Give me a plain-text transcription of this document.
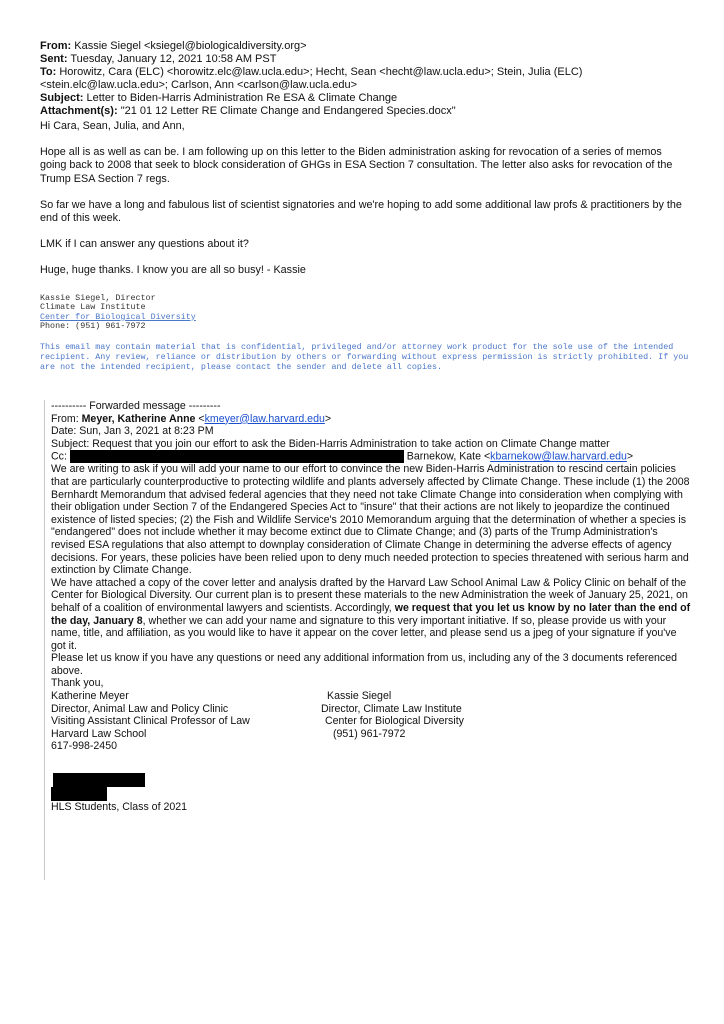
From: Kassie Siegel <ksiegel@biologicaldiversity.org>

Sent: Tuesday, January 12, 2021 10:58 AM PST

To: Horowitz, Cara (ELC) <horowitz.elc@law.ucla.edu>; Hecht, Sean <hecht@law.ucla.edu>; Stein, Julia (ELC) <stein.elc@law.ucla.edu>; Carlson, Ann <carlson@law.ucla.edu>

Subject: Letter to Biden-Harris Administration Re ESA & Climate Change

Attachment(s): "21 01 12 Letter RE Climate Change and Endangered Species.docx"

Hi Cara, Sean, Julia, and Ann,

Hope all is as well as can be. I am following up on this letter to the Biden administration asking for revocation of a series of memos going back to 2008 that seek to block consideration of GHGs in ESA Section 7 consultation. The letter also asks for revocation of the Trump ESA Section 7 regs.

So far we have a long and fabulous list of scientist signatories and we're hoping to add some additional law profs & practitioners by the end of this week.

LMK if I can answer any questions about it?

Huge, huge thanks. I know you are all so busy! - Kassie

Kassie Siegel, Director
Climate Law Institute
Center for Biological Diversity
Phone: (951) 961-7972
This email may contain material that is confidential, privileged and/or attorney work product for the sole use of the intended recipient. Any review, reliance or distribution by others or forwarding without express permission is strictly prohibited. If you are not the intended recipient, please contact the sender and delete all copies.
---------- Forwarded message ---------
From: Meyer, Katherine Anne <kmeyer@law.harvard.edu>
Date: Sun, Jan 3, 2021 at 8:23 PM
Subject: Request that you join our effort to ask the Biden-Harris Administration to take action on Climate Change matter
Cc:	Barnekow, Kate <kbarnekow@law.harvard.edu>

We are writing to ask if you will add your name to our effort to convince the new Biden-Harris Administration to rescind certain policies that are particularly counterproductive to protecting wildlife and plants adversely affected by Climate Change. These include (1) the 2008 Bernhardt Memorandum that advised federal agencies that they need not take Climate Change into consideration when complying with their obligation under Section 7 of the Endangered Species Act to "insure" that their actions are not likely to jeopardize the continued existence of listed species; (2) the Fish and Wildlife Service's 2010 Memorandum arguing that the determination of whether a species is "endangered" does not include whether it may become extinct due to Climate Change; and (3) parts of the Trump Administration's revised ESA regulations that also attempt to downplay consideration of Climate Change in determining the adverse effects of agency decisions. For years, these policies have been relied upon to deny much needed protection to species threatened with serious harm and extinction by Climate Change.

We have attached a copy of the cover letter and analysis drafted by the Harvard Law School Animal Law & Policy Clinic on behalf of the Center for Biological Diversity. Our current plan is to present these materials to the new Administration the week of January 25, 2021, on behalf of a coalition of environmental lawyers and scientists. Accordingly, we request that you let us know by no later than the end of the day, January 8, whether we can add your name and signature to this very important initiative. If so, please provide us with your name, title, and affiliation, as you would like to have it appear on the cover letter, and please send us a jpeg of your signature if you've got it.

Please let us know if you have any questions or need any additional information from us, including any of the 3 documents referenced above.

Thank you,
Katherine Meyer
Director, Animal Law and Policy Clinic
Visiting Assistant Clinical Professor of Law
Harvard Law School
617-998-2450
Kassie Siegel
Director, Climate Law Institute
Center for Biological Diversity
(951) 961-7972
HLS Students, Class of 2021
